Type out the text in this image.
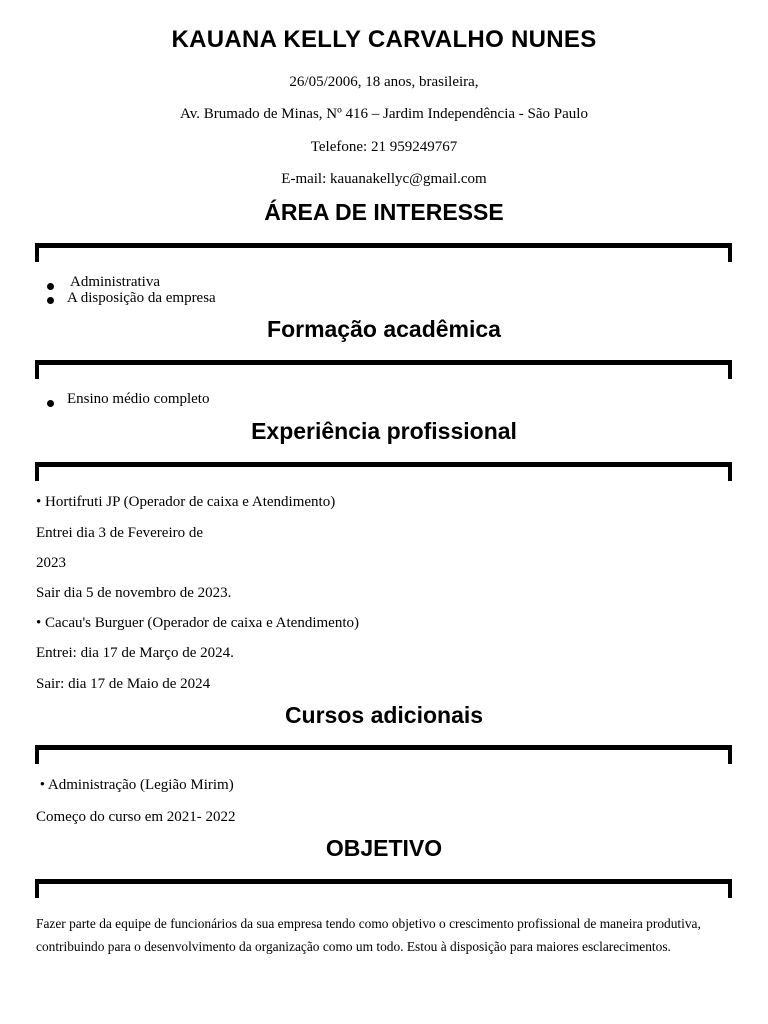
KAUANA KELLY CARVALHO NUNES
26/05/2006, 18 anos, brasileira,
Av. Brumado de Minas, Nº 416 – Jardim Independência - São Paulo
Telefone: 21 959249767
E-mail: kauanakellyc@gmail.com
ÁREA DE INTERESSE
Administrativa
A disposição da empresa
Formação acadêmica
Ensino médio completo
Experiência profissional
• Hortifruti JP (Operador de caixa e Atendimento)
Entrei dia 3 de Fevereiro de
2023
Sair dia 5 de novembro de 2023.
• Cacau's Burguer (Operador de caixa e Atendimento)
Entrei: dia 17 de Março de 2024.
Sair: dia 17 de Maio de 2024
Cursos adicionais
• Administração (Legião Mirim)
Começo do curso em 2021- 2022
OBJETIVO
Fazer parte da equipe de funcionários da sua empresa tendo como objetivo o crescimento profissional de maneira produtiva, contribuindo para o desenvolvimento da organização como um todo. Estou à disposição para maiores esclarecimentos.
